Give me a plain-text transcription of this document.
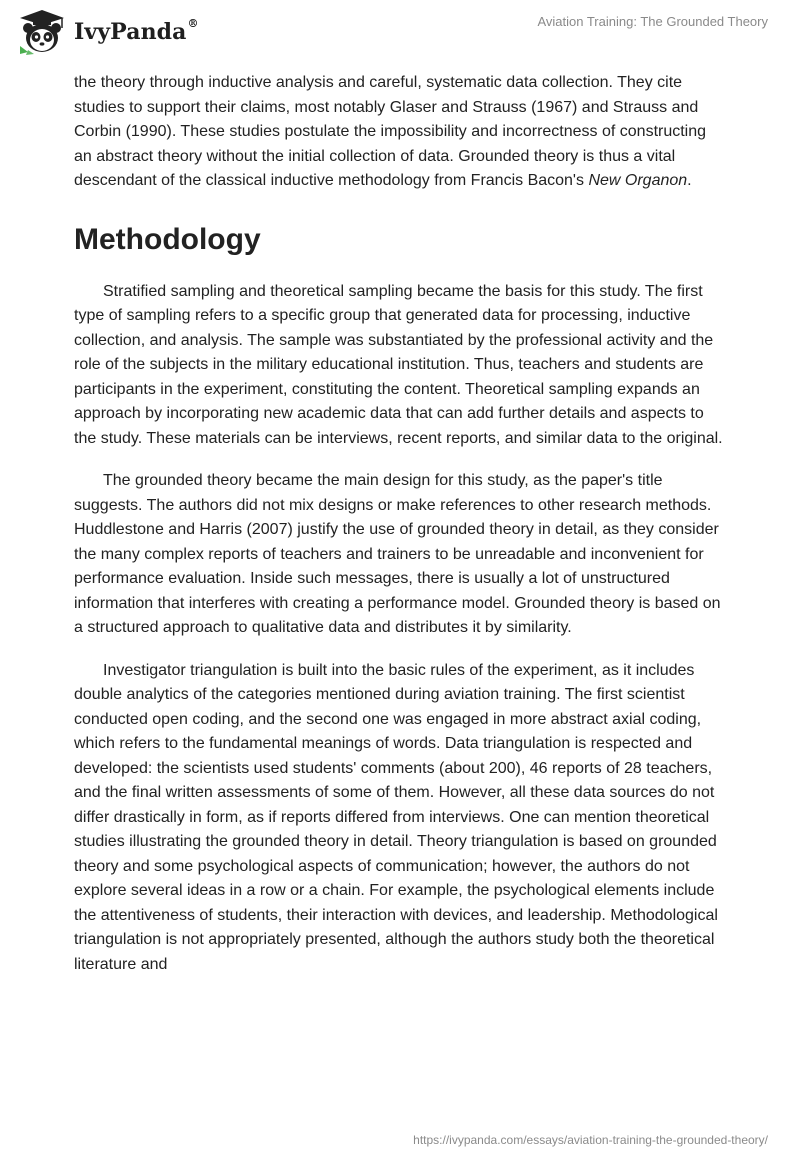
IvyPanda®	Aviation Training: The Grounded Theory

the theory through inductive analysis and careful, systematic data collection. They cite studies to support their claims, most notably Glaser and Strauss (1967) and Strauss and Corbin (1990). These studies postulate the impossibility and incorrectness of constructing an abstract theory without the initial collection of data. Grounded theory is thus a vital descendant of the classical inductive methodology from Francis Bacon's New Organon.

Methodology

Stratified sampling and theoretical sampling became the basis for this study. The first type of sampling refers to a specific group that generated data for processing, inductive collection, and analysis. The sample was substantiated by the professional activity and the role of the subjects in the military educational institution. Thus, teachers and students are participants in the experiment, constituting the content. Theoretical sampling expands an approach by incorporating new academic data that can add further details and aspects to the study. These materials can be interviews, recent reports, and similar data to the original.

The grounded theory became the main design for this study, as the paper's title suggests. The authors did not mix designs or make references to other research methods. Huddlestone and Harris (2007) justify the use of grounded theory in detail, as they consider the many complex reports of teachers and trainers to be unreadable and inconvenient for performance evaluation. Inside such messages, there is usually a lot of unstructured information that interferes with creating a performance model. Grounded theory is based on a structured approach to qualitative data and distributes it by similarity.

Investigator triangulation is built into the basic rules of the experiment, as it includes double analytics of the categories mentioned during aviation training. The first scientist conducted open coding, and the second one was engaged in more abstract axial coding, which refers to the fundamental meanings of words. Data triangulation is respected and developed: the scientists used students' comments (about 200), 46 reports of 28 teachers, and the final written assessments of some of them. However, all these data sources do not differ drastically in form, as if reports differed from interviews. One can mention theoretical studies illustrating the grounded theory in detail. Theory triangulation is based on grounded theory and some psychological aspects of communication; however, the authors do not explore several ideas in a row or a chain. For example, the psychological elements include the attentiveness of students, their interaction with devices, and leadership. Methodological triangulation is not appropriately presented, although the authors study both the theoretical literature and

https://ivypanda.com/essays/aviation-training-the-grounded-theory/
